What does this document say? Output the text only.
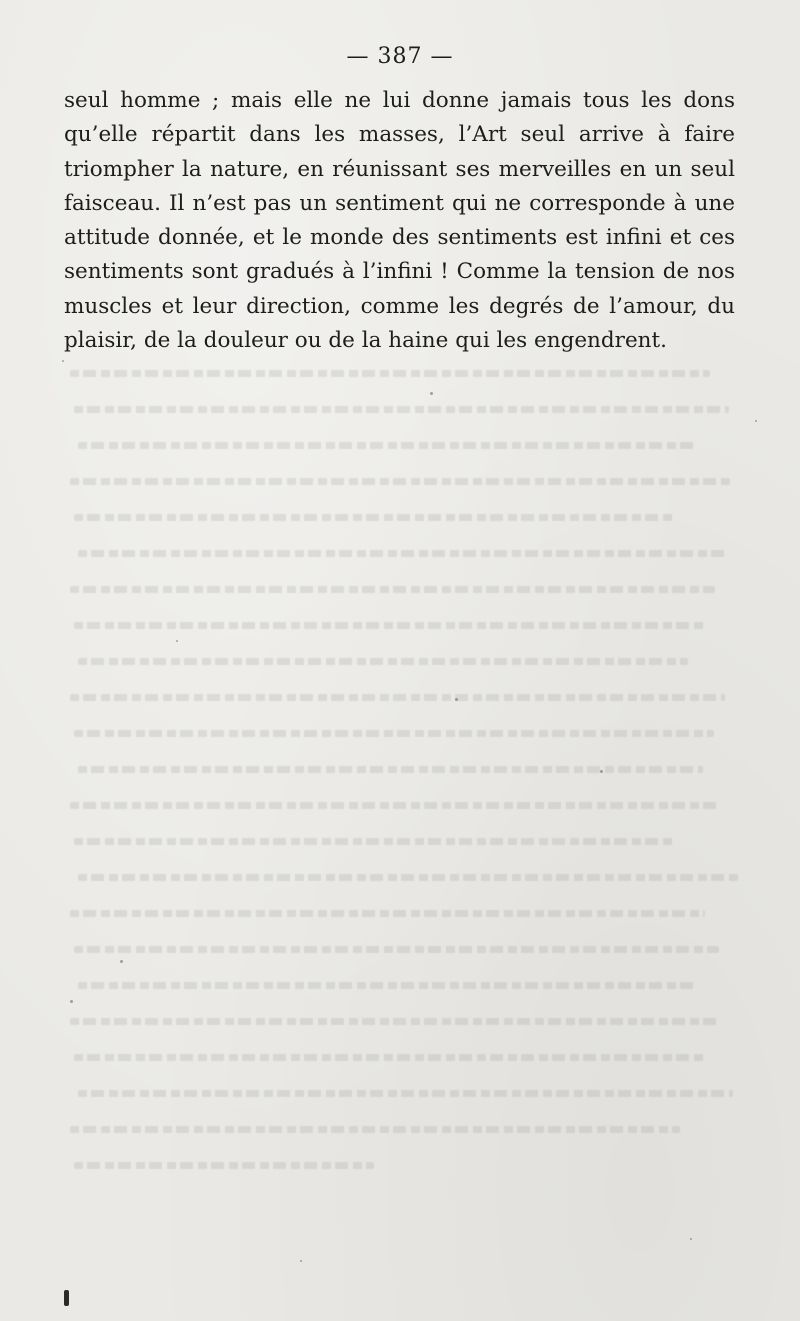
— 387 —
seul homme ; mais elle ne lui donne jamais tous les dons
qu’elle répartit dans les masses, l’Art seul arrive à faire
triompher la nature, en réunissant ses merveilles en un seul
faisceau. Il n’est pas un sentiment qui ne corresponde à une
attitude donnée, et le monde des sentiments est infini et ces
sentiments sont gradués à l’infini ! Comme la tension de nos
muscles et leur direction, comme les degrés de l’amour, du
plaisir, de la douleur ou de la haine qui les engendrent.
